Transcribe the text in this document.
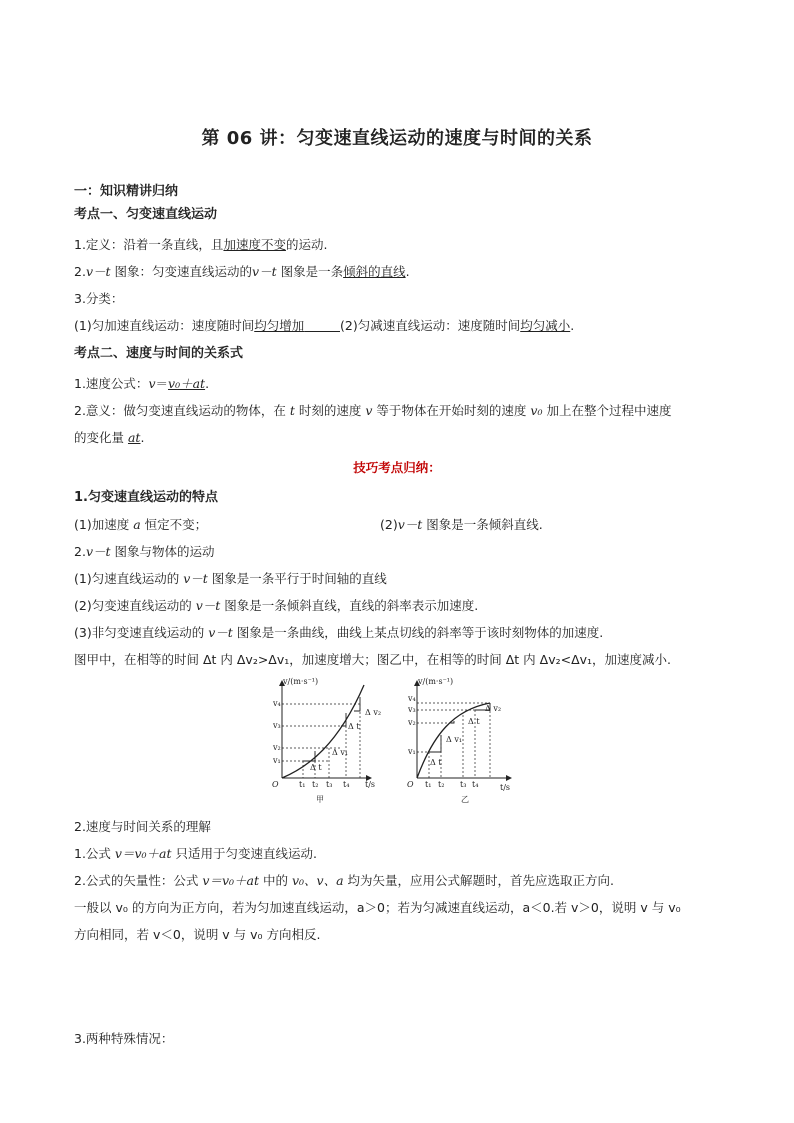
第 06 讲：匀变速直线运动的速度与时间的关系
一：知识精讲归纳
考点一、匀变速直线运动
1.定义：沿着一条直线，且加速度不变的运动.
2.v－t 图象：匀变速直线运动的v－t 图象是一条倾斜的直线.
3.分类：
(1)匀加速直线运动：速度随时间均匀增加	(2)匀减速直线运动：速度随时间均匀减小.
考点二、速度与时间的关系式
1.速度公式：v＝v₀＋at.
2.意义：做匀变速直线运动的物体，在 t 时刻的速度 v 等于物体在开始时刻的速度 v₀ 加上在整个过程中速度
的变化量 at.
技巧考点归纳：
1.匀变速直线运动的特点
(1)加速度 a 恒定不变；	(2)v－t 图象是一条倾斜直线.
2.v－t 图象与物体的运动
(1)匀速直线运动的 v－t 图象是一条平行于时间轴的直线
(2)匀变速直线运动的 v－t 图象是一条倾斜直线，直线的斜率表示加速度.
(3)非匀变速直线运动的 v－t 图象是一条曲线，曲线上某点切线的斜率等于该时刻物体的加速度.
图甲中，在相等的时间 Δt 内 Δv₂>Δv₁，加速度增大；图乙中，在相等的时间 Δt 内 Δv₂<Δv₁，加速度减小.
v/(m·s⁻¹)
v₄
v₃
v₂
v₁
O	t₁ t₂ t₃ t₄ t/s
Δ v₂
Δ t
Δ v₁
Δ t
甲
v/(m·s⁻¹)
v₄
v₃
v₂
v₁
O t₁ t₂ t₃ t₄	t/s
Δ v₂
Δ t
Δ v₁
Δ t
乙
2.速度与时间关系的理解
1.公式 v＝v₀＋at 只适用于匀变速直线运动.
2.公式的矢量性：公式 v＝v₀＋at 中的 v₀、v、a 均为矢量，应用公式解题时，首先应选取正方向.
一般以 v₀ 的方向为正方向，若为匀加速直线运动，a＞0；若为匀减速直线运动，a＜0.若 v＞0，说明 v 与 v₀
方向相同，若 v＜0，说明 v 与 v₀ 方向相反.
3.两种特殊情况：
